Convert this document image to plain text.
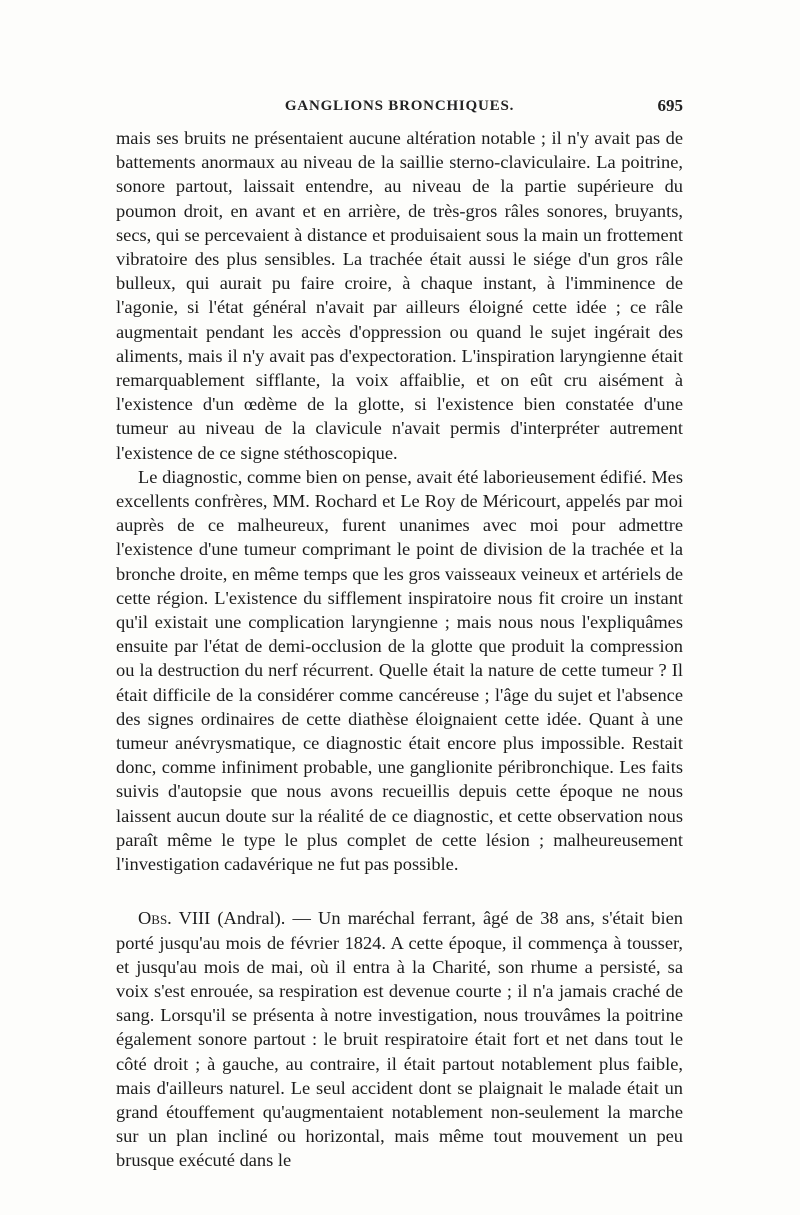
GANGLIONS BRONCHIQUES.	695

mais ses bruits ne présentaient aucune altération notable ; il n'y avait pas de battements anormaux au niveau de la saillie sterno-claviculaire. La poitrine, sonore partout, laissait entendre, au niveau de la partie supérieure du poumon droit, en avant et en arrière, de très-gros râles sonores, bruyants, secs, qui se percevaient à distance et produisaient sous la main un frottement vibratoire des plus sensibles. La trachée était aussi le siége d'un gros râle bulleux, qui aurait pu faire croire, à chaque instant, à l'imminence de l'agonie, si l'état général n'avait par ailleurs éloigné cette idée ; ce râle augmentait pendant les accès d'oppression ou quand le sujet ingérait des aliments, mais il n'y avait pas d'expectoration. L'inspiration laryngienne était remarquablement sifflante, la voix affaiblie, et on eût cru aisément à l'existence d'un œdème de la glotte, si l'existence bien constatée d'une tumeur au niveau de la clavicule n'avait permis d'interpréter autrement l'existence de ce signe stéthoscopique.

Le diagnostic, comme bien on pense, avait été laborieusement édifié. Mes excellents confrères, MM. Rochard et Le Roy de Méricourt, appelés par moi auprès de ce malheureux, furent unanimes avec moi pour admettre l'existence d'une tumeur comprimant le point de division de la trachée et la bronche droite, en même temps que les gros vaisseaux veineux et artériels de cette région. L'existence du sifflement inspiratoire nous fit croire un instant qu'il existait une complication laryngienne ; mais nous nous l'expliquâmes ensuite par l'état de demi-occlusion de la glotte que produit la compression ou la destruction du nerf récurrent. Quelle était la nature de cette tumeur ? Il était difficile de la considérer comme cancéreuse ; l'âge du sujet et l'absence des signes ordinaires de cette diathèse éloignaient cette idée. Quant à une tumeur anévrysmatique, ce diagnostic était encore plus impossible. Restait donc, comme infiniment probable, une ganglionite péribronchique. Les faits suivis d'autopsie que nous avons recueillis depuis cette époque ne nous laissent aucun doute sur la réalité de ce diagnostic, et cette observation nous paraît même le type le plus complet de cette lésion ; malheureusement l'investigation cadavérique ne fut pas possible.

Obs. VIII (Andral). — Un maréchal ferrant, âgé de 38 ans, s'était bien porté jusqu'au mois de février 1824. A cette époque, il commença à tousser, et jusqu'au mois de mai, où il entra à la Charité, son rhume a persisté, sa voix s'est enrouée, sa respiration est devenue courte ; il n'a jamais craché de sang. Lorsqu'il se présenta à notre investigation, nous trouvâmes la poitrine également sonore partout : le bruit respiratoire était fort et net dans tout le côté droit ; à gauche, au contraire, il était partout notablement plus faible, mais d'ailleurs naturel. Le seul accident dont se plaignait le malade était un grand étouffement qu'augmentaient notablement non-seulement la marche sur un plan incliné ou horizontal, mais même tout mouvement un peu brusque exécuté dans le
